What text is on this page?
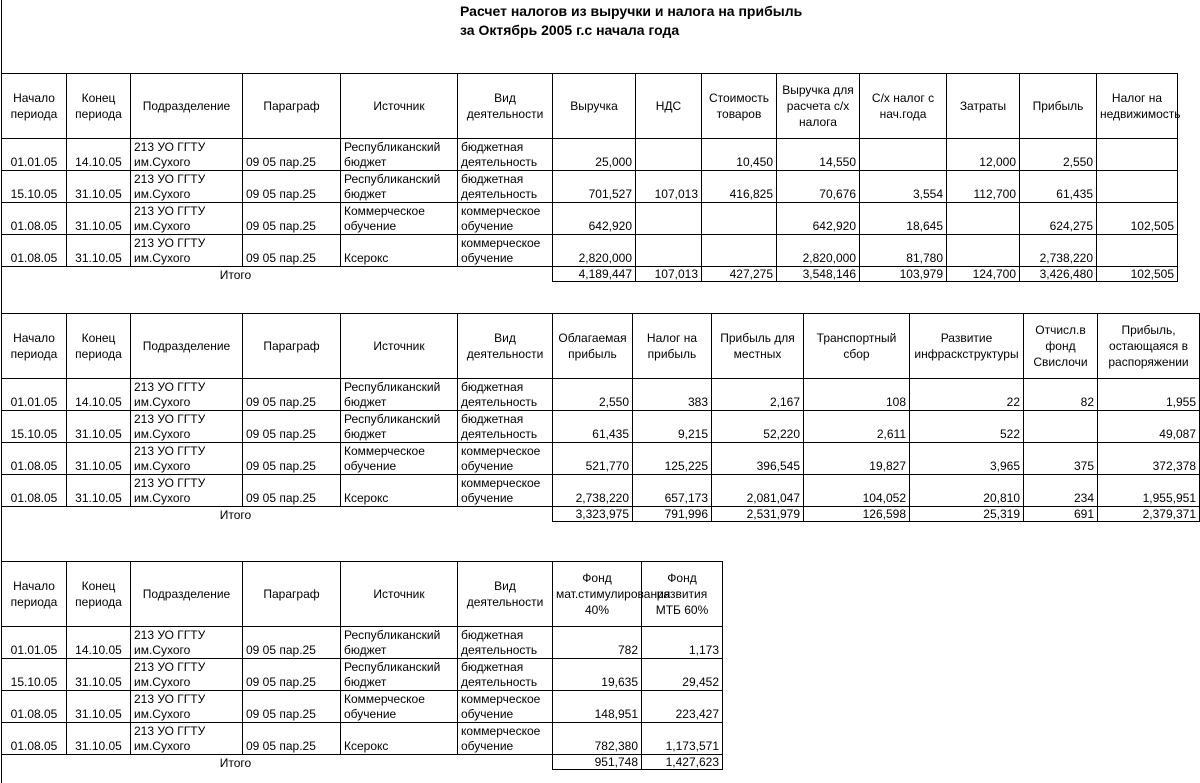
Расчет налогов из выручки и налога на прибыль
за Октябрь 2005 г.с начала года
Начало периода	Конец периода	Подразделение	Параграф	Источник	Вид деятельности	Выручка	НДС	Стоимость товаров	Выручка для расчета с/х налога	С/х налог с нач.года	Затраты	Прибыль	Налог на недвижимость
01.01.05	14.10.05	213 УО ГГТУ им.Сухого	09 05 пар.25	Республиканский бюджет	бюджетная деятельность	25,000		10,450	14,550		12,000	2,550	
15.10.05	31.10.05	213 УО ГГТУ им.Сухого	09 05 пар.25	Республиканский бюджет	бюджетная деятельность	701,527	107,013	416,825	70,676	3,554	112,700	61,435	
01.08.05	31.10.05	213 УО ГГТУ им.Сухого	09 05 пар.25	Коммерческое обучение	коммерческое обучение	642,920			642,920	18,645		624,275	102,505
01.08.05	31.10.05	213 УО ГГТУ им.Сухого	09 05 пар.25	Ксерокс	коммерческое обучение	2,820,000			2,820,000	81,780		2,738,220	
		Итого				4,189,447	107,013	427,275	3,548,146	103,979	124,700	3,426,480	102,505
Начало периода	Конец периода	Подразделение	Параграф	Источник	Вид деятельности	Облагаемая прибыль	Налог на прибыль	Прибыль для местных	Транспортный сбор	Развитие инфраскструктуры	Отчисл.в фонд Свислочи	Прибыль, остающаяся в распоряжении
01.01.05	14.10.05	213 УО ГГТУ им.Сухого	09 05 пар.25	Республиканский бюджет	бюджетная деятельность	2,550	383	2,167	108	22	82	1,955
15.10.05	31.10.05	213 УО ГГТУ им.Сухого	09 05 пар.25	Республиканский бюджет	бюджетная деятельность	61,435	9,215	52,220	2,611	522		49,087
01.08.05	31.10.05	213 УО ГГТУ им.Сухого	09 05 пар.25	Коммерческое обучение	коммерческое обучение	521,770	125,225	396,545	19,827	3,965	375	372,378
01.08.05	31.10.05	213 УО ГГТУ им.Сухого	09 05 пар.25	Ксерокс	коммерческое обучение	2,738,220	657,173	2,081,047	104,052	20,810	234	1,955,951
		Итого				3,323,975	791,996	2,531,979	126,598	25,319	691	2,379,371
Начало периода	Конец периода	Подразделение	Параграф	Источник	Вид деятельности	Фонд мат.стимулирования 40%	Фонд развития МТБ 60%
01.01.05	14.10.05	213 УО ГГТУ им.Сухого	09 05 пар.25	Республиканский бюджет	бюджетная деятельность	782	1,173
15.10.05	31.10.05	213 УО ГГТУ им.Сухого	09 05 пар.25	Республиканский бюджет	бюджетная деятельность	19,635	29,452
01.08.05	31.10.05	213 УО ГГТУ им.Сухого	09 05 пар.25	Коммерческое обучение	коммерческое обучение	148,951	223,427
01.08.05	31.10.05	213 УО ГГТУ им.Сухого	09 05 пар.25	Ксерокс	коммерческое обучение	782,380	1,173,571
		Итого				951,748	1,427,623
